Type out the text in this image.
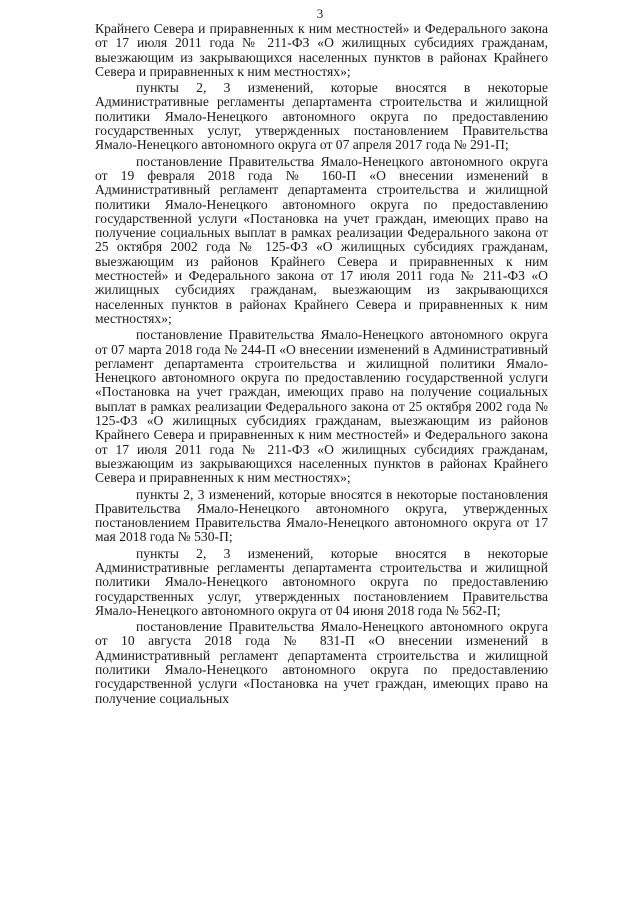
3

Крайнего Севера и приравненных к ним местностей» и Федерального закона от 17 июля 2011 года № 211-ФЗ «О жилищных субсидиях гражданам, выезжающим из закрывающихся населенных пунктов в районах Крайнего Севера и приравненных к ним местностях»;

пункты 2, 3 изменений, которые вносятся в некоторые Административные регламенты департамента строительства и жилищной политики Ямало-Ненецкого автономного округа по предоставлению государственных услуг, утвержденных постановлением Правительства Ямало-Ненецкого автономного округа от 07 апреля 2017 года № 291-П;

постановление Правительства Ямало-Ненецкого автономного округа от 19 февраля 2018 года № 160-П «О внесении изменений в Административный регламент департамента строительства и жилищной политики Ямало-Ненецкого автономного округа по предоставлению государственной услуги «Постановка на учет граждан, имеющих право на получение социальных выплат в рамках реализации Федерального закона от 25 октября 2002 года № 125-ФЗ «О жилищных субсидиях гражданам, выезжающим из районов Крайнего Севера и приравненных к ним местностей» и Федерального закона от 17 июля 2011 года № 211-ФЗ «О жилищных субсидиях гражданам, выезжающим из закрывающихся населенных пунктов в районах Крайнего Севера и приравненных к ним местностях»;

постановление Правительства Ямало-Ненецкого автономного округа от 07 марта 2018 года № 244-П «О внесении изменений в Административный регламент департамента строительства и жилищной политики Ямало-Ненецкого автономного округа по предоставлению государственной услуги «Постановка на учет граждан, имеющих право на получение социальных выплат в рамках реализации Федерального закона от 25 октября 2002 года № 125-ФЗ «О жилищных субсидиях гражданам, выезжающим из районов Крайнего Севера и приравненных к ним местностей» и Федерального закона от 17 июля 2011 года № 211-ФЗ «О жилищных субсидиях гражданам, выезжающим из закрывающихся населенных пунктов в районах Крайнего Севера и приравненных к ним местностях»;

пункты 2, 3 изменений, которые вносятся в некоторые постановления Правительства Ямало-Ненецкого автономного округа, утвержденных постановлением Правительства Ямало-Ненецкого автономного округа от 17 мая 2018 года № 530-П;

пункты 2, 3 изменений, которые вносятся в некоторые Административные регламенты департамента строительства и жилищной политики Ямало-Ненецкого автономного округа по предоставлению государственных услуг, утвержденных постановлением Правительства Ямало-Ненецкого автономного округа от 04 июня 2018 года № 562-П;

постановление Правительства Ямало-Ненецкого автономного округа от 10 августа 2018 года № 831-П «О внесении изменений в Административный регламент департамента строительства и жилищной политики Ямало-Ненецкого автономного округа по предоставлению государственной услуги «Постановка на учет граждан, имеющих право на получение социальных
